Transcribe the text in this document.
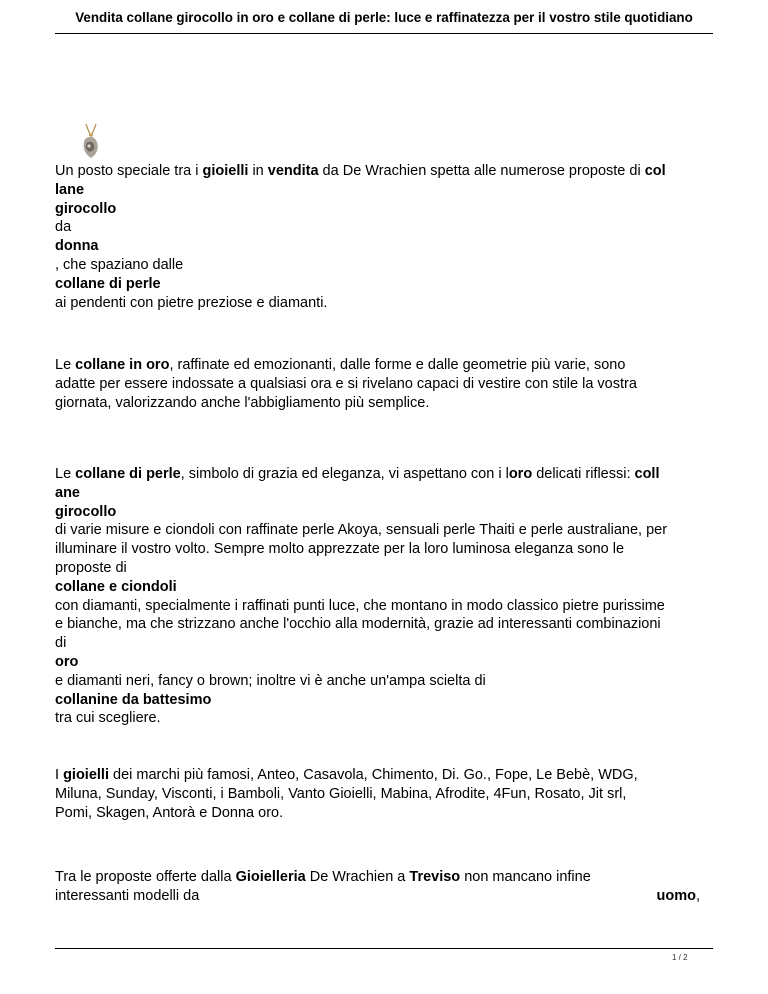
Vendita collane girocollo in oro e collane di perle: luce e raffinatezza per il vostro stile quotidiano
Un posto speciale tra i gioielli in vendita da De Wrachien spetta alle numerose proposte di col
lane
girocollo
da
donna
, che spaziano dalle
collane di perle
ai pendenti con pietre preziose e diamanti.
Le collane in oro, raffinate ed emozionanti, dalle forme e dalle geometrie più varie, sono
adatte per essere indossate a qualsiasi ora e si rivelano capaci di vestire con stile la vostra
giornata, valorizzando anche l'abbigliamento più semplice.
Le collane di perle, simbolo di grazia ed eleganza, vi aspettano con i loro delicati riflessi: coll
ane
girocollo
di varie misure e ciondoli con raffinate perle Akoya, sensuali perle Thaiti e perle australiane, per
illuminare il vostro volto. Sempre molto apprezzate per la loro luminosa eleganza sono le
proposte di
collane e ciondoli
con diamanti, specialmente i raffinati punti luce, che montano in modo classico pietre purissime
e bianche, ma che strizzano anche l'occhio alla modernità, grazie ad interessanti combinazioni
di
oro
e diamanti neri, fancy o brown; inoltre vi è anche un'ampa scielta di
collanine da battesimo
tra cui scegliere.
I gioielli dei marchi più famosi, Anteo, Casavola, Chimento, Di. Go., Fope, Le Bebè, WDG,
Miluna, Sunday, Visconti, i Bamboli, Vanto Gioielli, Mabina, Afrodite, 4Fun, Rosato, Jit srl,
Pomi, Skagen, Antorà e Donna oro.
Tra le proposte offerte dalla Gioielleria De Wrachien a Treviso non mancano infine
interessanti modelli da	uomo,
1 / 2
